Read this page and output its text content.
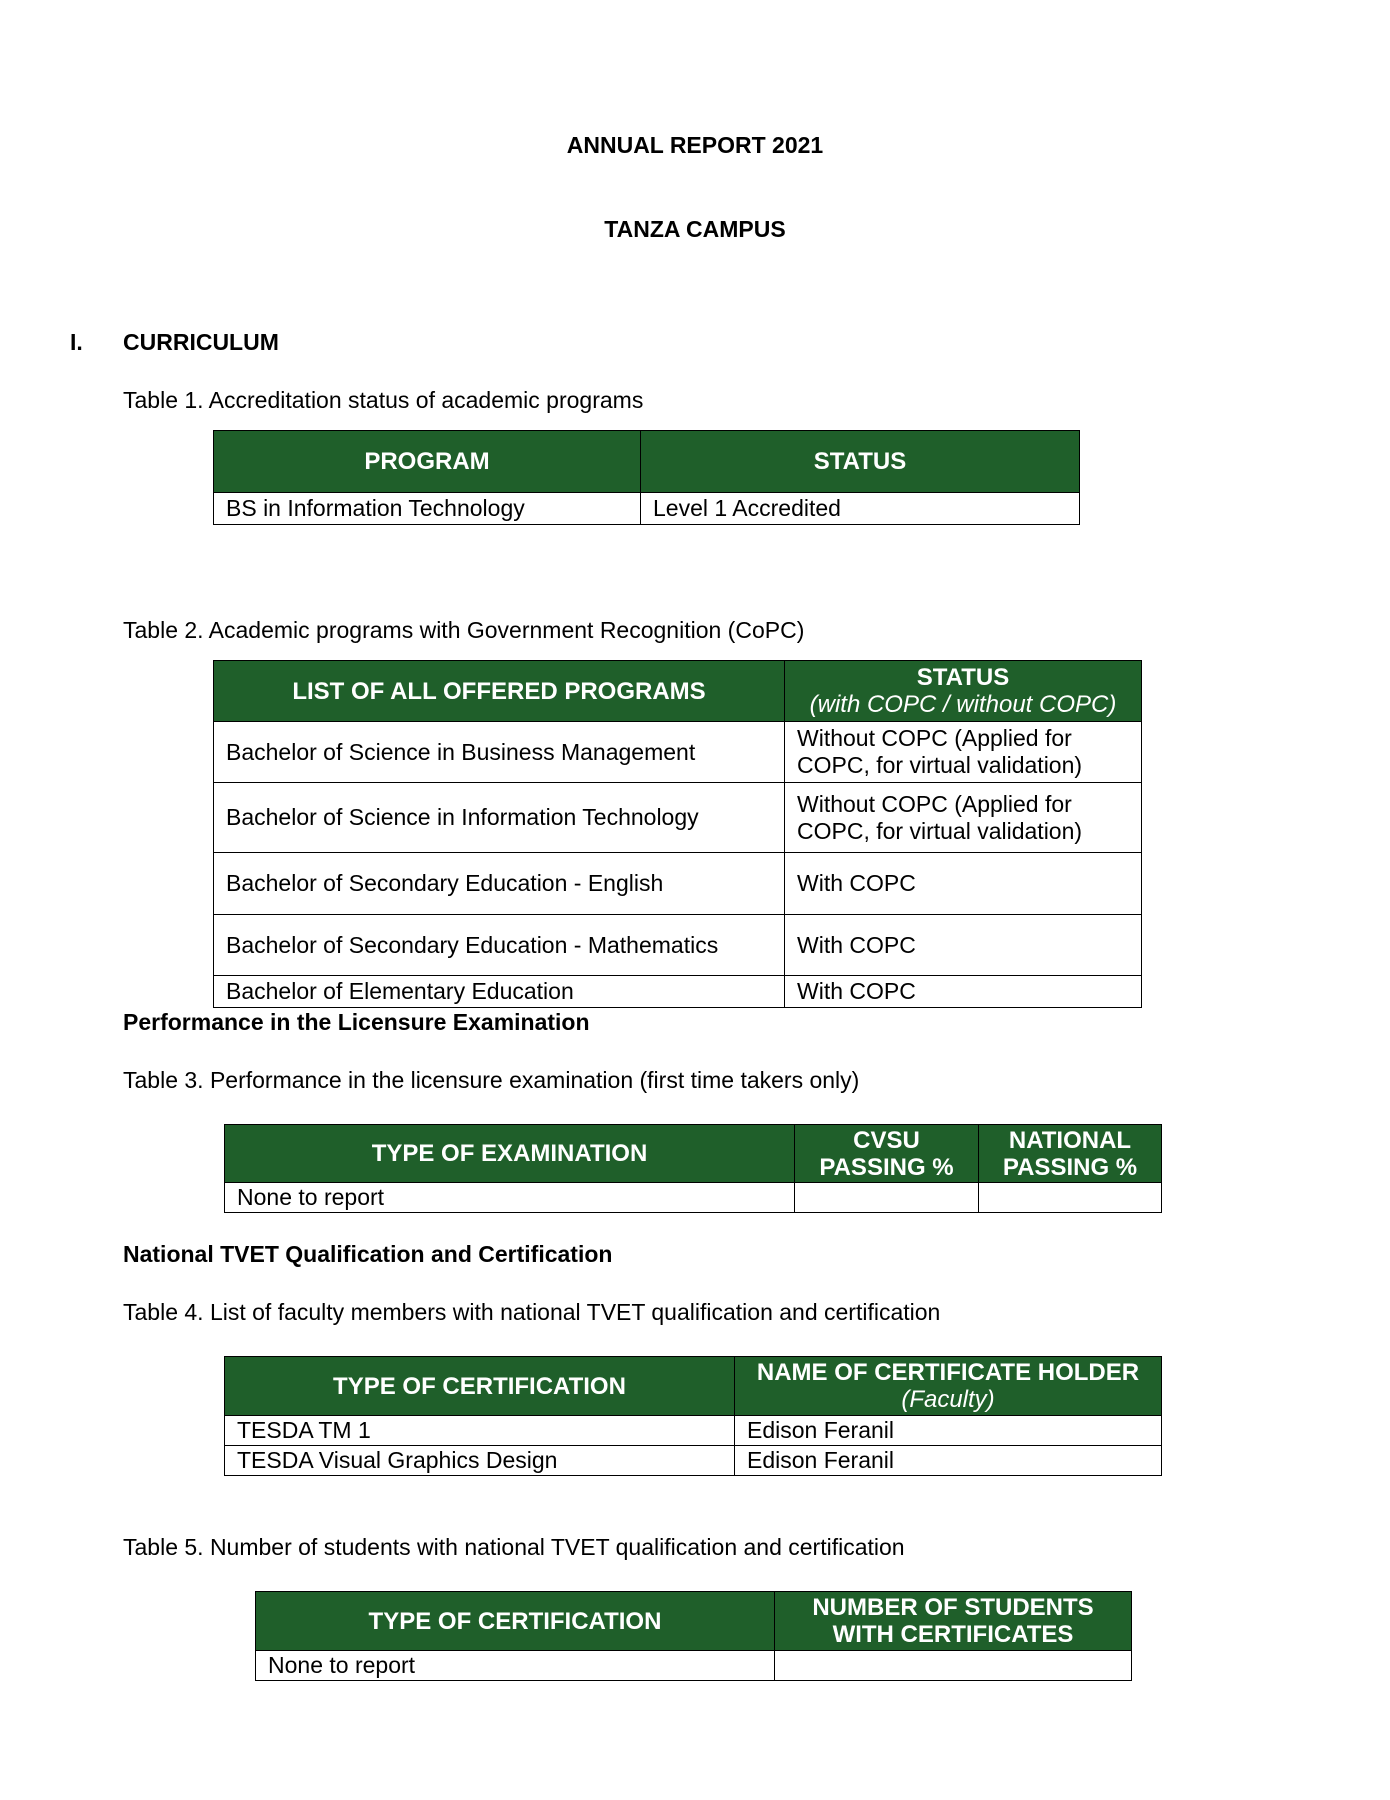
ANNUAL REPORT 2021
TANZA CAMPUS
I. CURRICULUM
Table 1. Accreditation status of academic programs
PROGRAM	STATUS
BS in Information Technology	Level 1 Accredited
Table 2. Academic programs with Government Recognition (CoPC)
LIST OF ALL OFFERED PROGRAMS	STATUS
(with COPC / without COPC)

Bachelor of Science in Business Management	Without COPC (Applied for COPC, for virtual validation)
Bachelor of Science in Information Technology	Without COPC (Applied for COPC, for virtual validation)
Bachelor of Secondary Education - English	With COPC
Bachelor of Secondary Education - Mathematics	With COPC
Bachelor of Elementary Education	With COPC
Performance in the Licensure Examination
Table 3. Performance in the licensure examination (first time takers only)
TYPE OF EXAMINATION	CVSU PASSING %	NATIONAL PASSING %
None to report		
National TVET Qualification and Certification
Table 4. List of faculty members with national TVET qualification and certification
TYPE OF CERTIFICATION	NAME OF CERTIFICATE HOLDER
(Faculty)

TESDA TM 1	Edison Feranil
TESDA Visual Graphics Design	Edison Feranil
Table 5. Number of students with national TVET qualification and certification
TYPE OF CERTIFICATION	NUMBER OF STUDENTS WITH CERTIFICATES
None to report	
